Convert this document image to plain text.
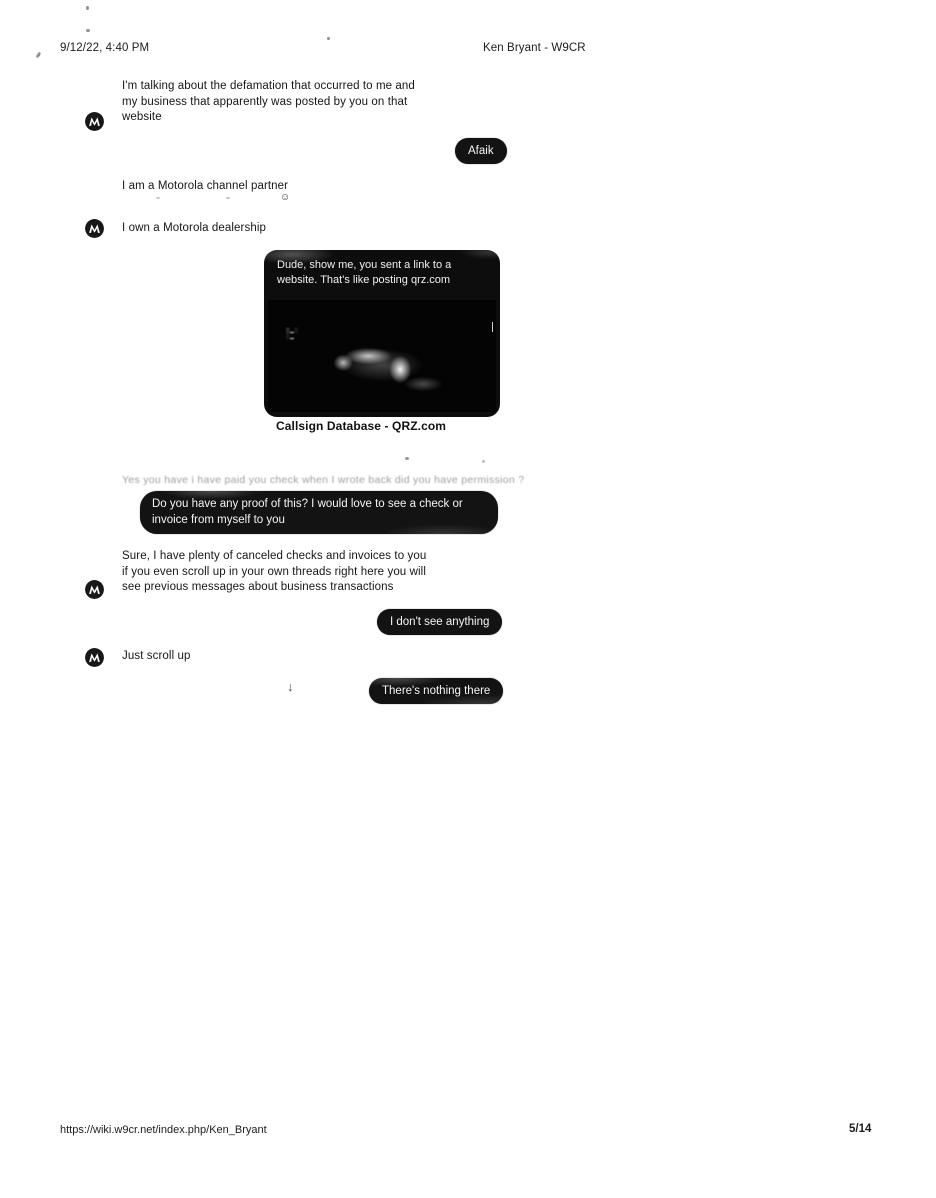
9/12/22, 4:40 PM	Ken Bryant - W9CR
I'm talking about the defamation that occurred to me and
my business that apparently was posted by you on that
website
Afaik
I am a Motorola channel partner
☺
I own a Motorola dealership
Dude, show me, you sent a link to a
website. That's like posting qrz.com
▒▂░
░▂
Callsign Database - QRZ.com
Yes you have i have paid you check when I wrote back did you have permission ?
Do you have any proof of this? I would love to see a check or
invoice from myself to you
Sure, I have plenty of canceled checks and invoices to you
if you even scroll up in your own threads right here you will
see previous messages about business transactions
I don't see anything
Just scroll up
↓	There's nothing there
https://wiki.w9cr.net/index.php/Ken_Bryant	5/14
